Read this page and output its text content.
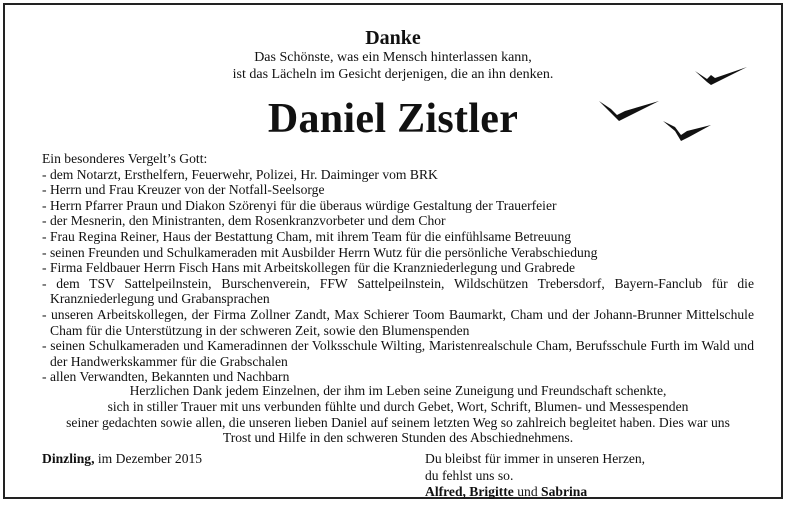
Danke
Das Schönste, was ein Mensch hinterlassen kann,
ist das Lächeln im Gesicht derjenigen, die an ihn denken.
Daniel Zistler

Ein besonderes Vergelt’s Gott:

- dem Notarzt, Ersthelfern, Feuerwehr, Polizei, Hr. Daiminger vom BRK
- Herrn und Frau Kreuzer von der Notfall-Seelsorge
- Herrn Pfarrer Praun und Diakon Szörenyi für die überaus würdige Gestaltung der Trauerfeier
- der Mesnerin, den Ministranten, dem Rosenkranzvorbeter und dem Chor
- Frau Regina Reiner, Haus der Bestattung Cham, mit ihrem Team für die einfühlsame Betreuung
- seinen Freunden und Schulkameraden mit Ausbilder Herrn Wutz für die persönliche Verabschiedung
- Firma Feldbauer Herrn Fisch Hans mit Arbeitskollegen für die Kranzniederlegung und Grabrede
- dem TSV Sattelpeilnstein, Burschenverein, FFW Sattelpeilnstein, Wildschützen Trebersdorf, Bayern-Fanclub für die Kranzniederlegung und Grabansprachen
- unseren Arbeitskollegen, der Firma Zollner Zandt, Max Schierer Toom Baumarkt, Cham und der Johann-Brunner Mittelschule Cham für die Unterstützung in der schweren Zeit, sowie den Blumenspenden
- seinen Schulkameraden und Kameradinnen der Volksschule Wilting, Maristenrealschule Cham, Berufsschule Furth im Wald und der Handwerkskammer für die Grabschalen
- allen Verwandten, Bekannten und Nachbarn
Herzlichen Dank jedem Einzelnen, der ihm im Leben seine Zuneigung und Freundschaft schenkte,
sich in stiller Trauer mit uns verbunden fühlte und durch Gebet, Wort, Schrift, Blumen- und Messespenden
seiner gedachten sowie allen, die unseren lieben Daniel auf seinem letzten Weg so zahlreich begleitet haben. Dies war uns
Trost und Hilfe in den schweren Stunden des Abschiednehmens.
Dinzling, im Dezember 2015	Du bleibst für immer in unseren Herzen,
du fehlst uns so.
Alfred, Brigitte und Sabrina
